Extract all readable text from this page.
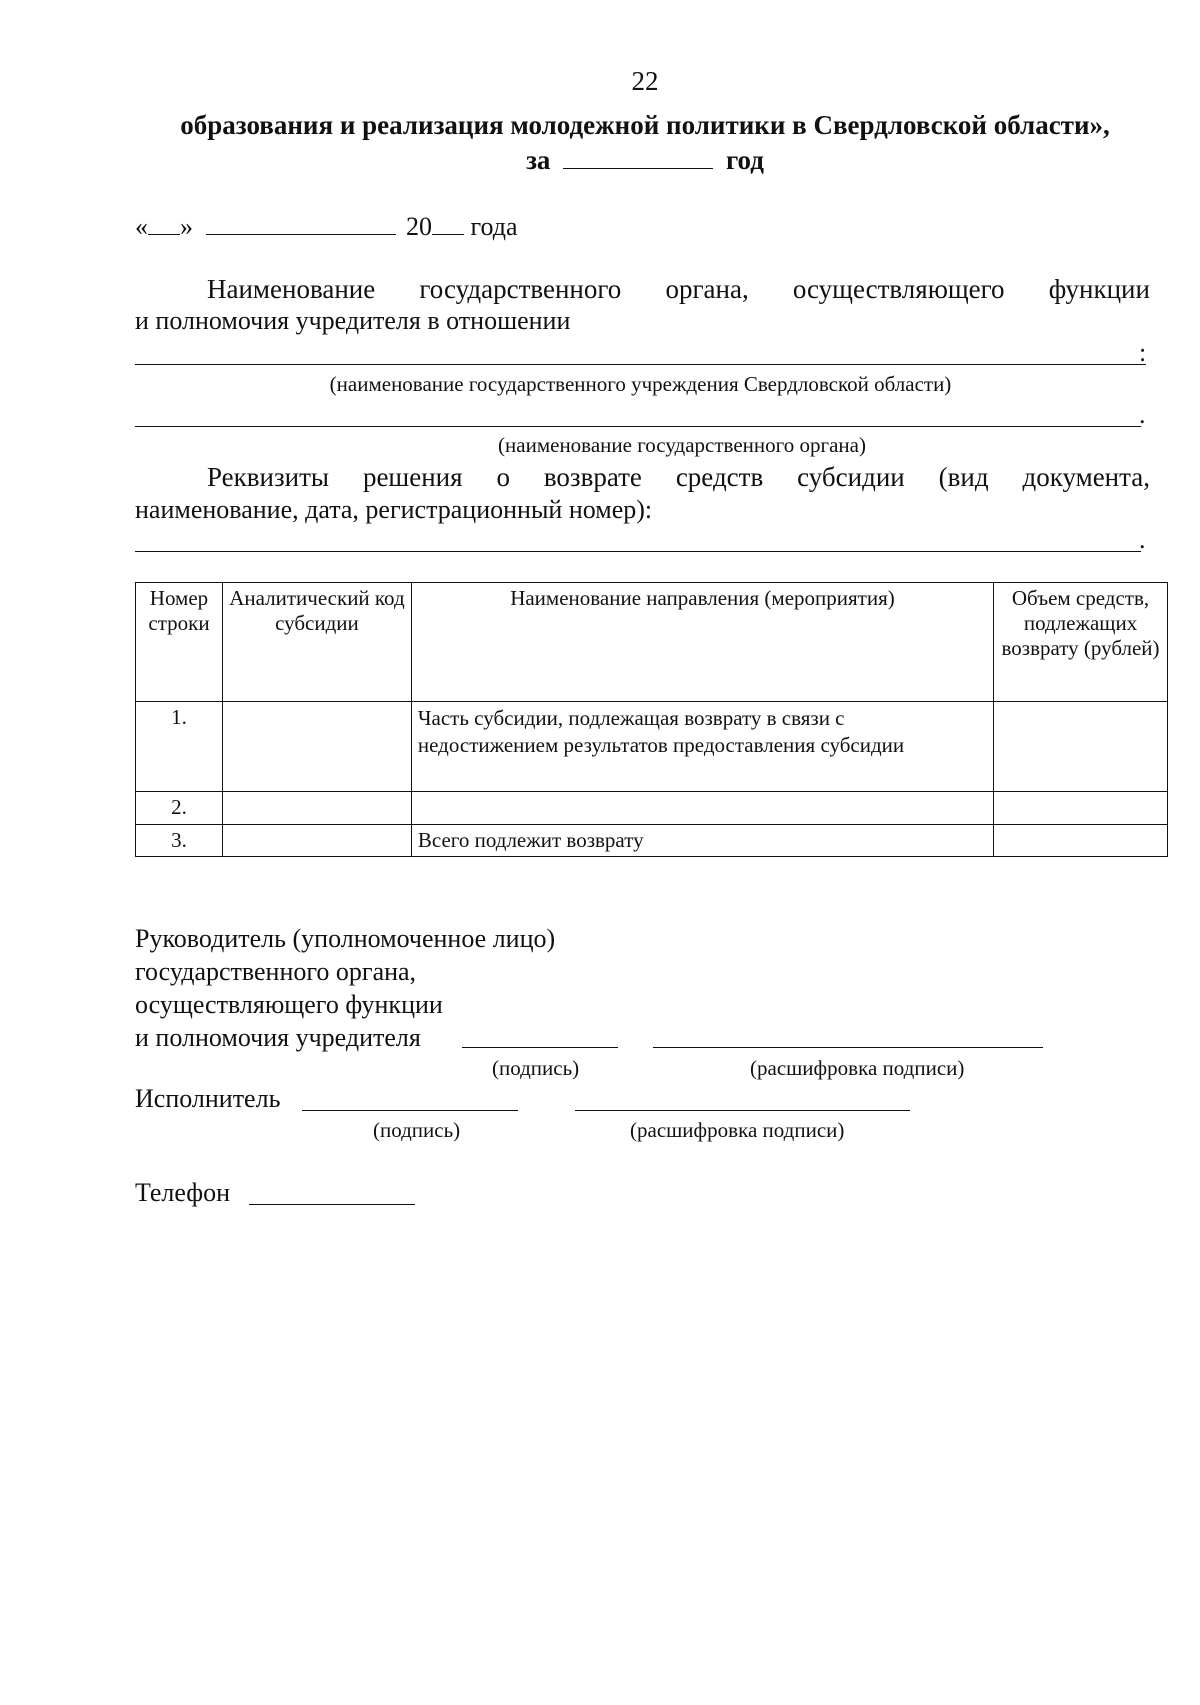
22
образования и реализация молодежной политики в Свердловской области»,
за	год
« »	20 года
Наименование государственного органа, осуществляющего функции
и полномочия учредителя в отношении
:
(наименование государственного учреждения Свердловской области)
.
(наименование государственного органа)
Реквизиты решения о возврате средств субсидии (вид документа,
наименование, дата, регистрационный номер):
.
Номер строки	Аналитический код субсидии	Наименование направления (мероприятия)	Объем средств, подлежащих возврату (рублей)
1.		Часть субсидии, подлежащая возврату в связи с недостижением результатов предоставления субсидии	
2.			
3.		Всего подлежит возврату	
Руководитель (уполномоченное лицо)
государственного органа,
осуществляющего функции
и полномочия учредителя
(подпись)	(расшифровка подписи)
Исполнитель
(подпись)	(расшифровка подписи)
Телефон
